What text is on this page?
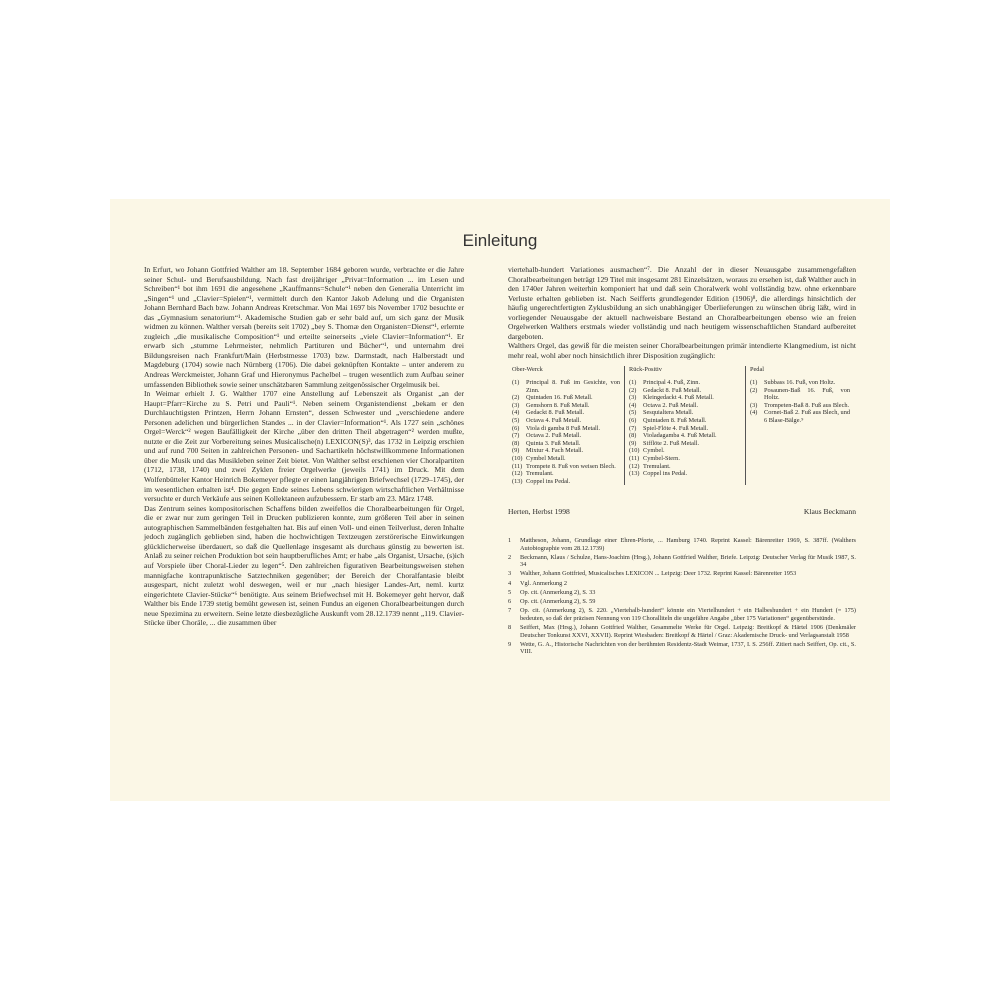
Einleitung

In Erfurt, wo Johann Gottfried Walther am 18. September 1684 geboren wurde, verbrachte er die Jahre seiner Schul- und Berufsausbildung. Nach fast dreijähriger „Privat=Information ... im Lesen und Schreiben“¹ bot ihm 1691 die angesehene „Kauffmanns=Schule“¹ neben den Generalia Unterricht im „Singen“¹ und „Clavier=Spielen“¹, vermittelt durch den Kantor Jakob Adelung und die Organisten Johann Bernhard Bach bzw. Johann Andreas Kretschmar. Von Mai 1697 bis November 1702 besuchte er das „Gymnasium senatorium“¹. Akademische Studien gab er sehr bald auf, um sich ganz der Musik widmen zu können. Walther versah (bereits seit 1702) „bey S. Thomæ den Organisten=Dienst“¹, erlernte zugleich „die musikalische Composition“¹ und erteilte seinerseits „viele Clavier=Information“¹. Er erwarb sich „stumme Lehrmeister, nehmlich Partituren und Bücher“¹, und unternahm drei Bildungsreisen nach Frankfurt/Main (Herbstmesse 1703) bzw. Darmstadt, nach Halberstadt und Magdeburg (1704) sowie nach Nürnberg (1706). Die dabei geknüpften Kontakte – unter anderem zu Andreas Werckmeister, Johann Graf und Hieronymus Pachelbel – trugen wesentlich zum Aufbau seiner umfassenden Bibliothek sowie seiner unschätzbaren Sammlung zeitgenössischer Orgelmusik bei.

In Weimar erhielt J. G. Walther 1707 eine Anstellung auf Lebenszeit als Organist „an der Haupt=Pfarr=Kirche zu S. Petri und Pauli“¹. Neben seinem Organistendienst „bekam er den Durchlauchtigsten Printzen, Herrn Johann Ernsten“, dessen Schwester und „verschiedene andere Personen adelichen und bürgerlichen Standes ... in der Clavier=Information“¹. Als 1727 sein „schönes Orgel=Werck“² wegen Baufälligkeit der Kirche „über den dritten Theil abgetragen“² werden mußte, nutzte er die Zeit zur Vorbereitung seines Musicalische(n) LEXICON(S)³, das 1732 in Leipzig erschien und auf rund 700 Seiten in zahlreichen Personen- und Sachartikeln höchstwillkommene Informationen über die Musik und das Musikleben seiner Zeit bietet. Von Walther selbst erschienen vier Choralpartiten (1712, 1738, 1740) und zwei Zyklen freier Orgelwerke (jeweils 1741) im Druck. Mit dem Wolfenbütteler Kantor Heinrich Bokemeyer pflegte er einen langjährigen Briefwechsel (1729–1745), der im wesentlichen erhalten ist⁴. Die gegen Ende seines Lebens schwierigen wirtschaftlichen Verhältnisse versuchte er durch Verkäufe aus seinen Kollektaneen aufzubessern. Er starb am 23. März 1748.

Das Zentrum seines kompositorischen Schaffens bilden zweifellos die Choralbearbeitungen für Orgel, die er zwar nur zum geringen Teil in Drucken publizieren konnte, zum größeren Teil aber in seinen autographischen Sammelbänden festgehalten hat. Bis auf einen Voll- und einen Teilverlust, deren Inhalte jedoch zugänglich geblieben sind, haben die hochwichtigen Textzeugen zerstörerische Einwirkungen glücklicherweise überdauert, so daß die Quellenlage insgesamt als durchaus günstig zu bewerten ist. Anlaß zu seiner reichen Produktion bot sein hauptberufliches Amt; er habe „als Organist, Ursache, (s)ich auf Vorspiele über Choral-Lieder zu legen“⁵. Den zahlreichen figurativen Bearbeitungsweisen stehen mannigfache kontrapunktische Satztechniken gegenüber; der Bereich der Choralfantasie bleibt ausgespart, nicht zuletzt wohl deswegen, weil er nur „nach hiesiger Landes-Art, neml. kurtz eingerichtete Clavier-Stücke“⁶ benötigte. Aus seinem Briefwechsel mit H. Bokemeyer geht hervor, daß Walther bis Ende 1739 stetig bemüht gewesen ist, seinen Fundus an eigenen Choralbearbeitungen durch neue Spezimina zu erweitern. Seine letzte diesbezügliche Auskunft vom 28.12.1739 nennt „119. Clavier-Stücke über Choräle, ... die zusammen über

viertehalb-hundert Variationes ausmachen“⁷. Die Anzahl der in dieser Neuausgabe zusammengefaßten Choralbearbeitungen beträgt 129 Titel mit insgesamt 281 Einzelsätzen, woraus zu ersehen ist, daß Walther auch in den 1740er Jahren weiterhin komponiert hat und daß sein Choralwerk wohl vollständig bzw. ohne erkennbare Verluste erhalten geblieben ist. Nach Seifferts grundlegender Edition (1906)⁸, die allerdings hinsichtlich der häufig ungerechtfertigten Zyklusbildung an sich unabhängiger Überlieferungen zu wünschen übrig läßt, wird in vorliegender Neuausgabe der aktuell nachweisbare Bestand an Choralbearbeitungen ebenso wie an freien Orgelwerken Walthers erstmals wieder vollständig und nach heutigem wissenschaftlichen Standard aufbereitet dargeboten.

Walthers Orgel, das gewiß für die meisten seiner Choralbearbeitungen primär intendierte Klangmedium, ist nicht mehr real, wohl aber noch hinsichtlich ihrer Disposition zugänglich:

Ober-Werck
(1)	Principal 8. Fuß im Gesichte, von Zinn.
(2)	Quintaden 16. Fuß Metall.
(3)	Gemshorn 8. Fuß Metall.
(4)	Gedackt 8. Fuß Metall.
(5)	Octava 4. Fuß Metall.
(6)	Viola di gamba 8 Fuß Metall.
(7)	Octava 2. Fuß Metall.
(8)	Quinta 3. Fuß Metall.
(9)	Mixtur 4. Fach Metall.
(10) Cymbel Metall.
(11) Trompete 8. Fuß von weisen Blech.
(12) Tremulant.
(13) Coppel ins Pedal.
Rück-Positiv
(1)	Principal 4. Fuß, Zinn.
(2)	Gedackt 8. Fuß Metall.
(3)	Kleingedackt 4. Fuß Metall.
(4)	Octava 2. Fuß Metall.
(5)	Sesquialtera Metall.
(6)	Quintaden 8. Fuß Metall.
(7)	Spiel-Flöte 4. Fuß Metall.
(8)	Violadagamba 4. Fuß Metall.
(9)	Sifflöte 2. Fuß Metall.
(10) Cymbel.
(11) Cymbel-Stern.
(12) Tremulant.
(13) Coppel ins Pedal.
Pedal
(1)	Subbass 16. Fuß, von Holtz.
(2)	Posaunen-Baß 16. Fuß, von Holtz.
(3)	Trompeten-Baß 8. Fuß aus Blech.
(4)	Cornet-Baß 2. Fuß aus Blech, und 6 Blase-Bälge.⁹
Herten, Herbst 1998	Klaus Beckmann
1	Mattheson, Johann, Grundlage einer Ehren-Pforte, ... Hamburg 1740. Reprint Kassel: Bärenreiter 1969, S. 387ff. (Walthers Autobiographie vom 28.12.1739)
2	Beckmann, Klaus / Schulze, Hans-Joachim (Hrsg.), Johann Gottfried Walther, Briefe. Leipzig: Deutscher Verlag für Musik 1987, S. 34
3	Walther, Johann Gottfried, Musicalisches LEXICON ... Leipzig: Deer 1732. Reprint Kassel: Bärenreiter 1953
4	Vgl. Anmerkung 2
5	Op. cit. (Anmerkung 2), S. 33
6	Op. cit. (Anmerkung 2), S. 59
7	Op. cit. (Anmerkung 2), S. 220. „Viertehalb-hundert“ könnte ein Viertelhundert + ein Halbeshundert + ein Hundert (= 175) bedeuten, so daß der präzisen Nennung von 119 Choralliteln die ungefähre Angabe „über 175 Variationen“ gegenüberstünde.
8	Seiffert, Max (Hrsg.), Johann Gottfried Walther, Gesammelte Werke für Orgel. Leipzig: Breitkopf & Härtel 1906 (Denkmäler Deutscher Tonkunst XXVI, XXVII). Reprint Wiesbaden: Breitkopf & Härtel / Graz: Akademische Druck- und Verlagsanstalt 1958
9	Wette, G. A., Historische Nachrichten von der berühmten Residentz-Stadt Weimar, 1737, I. S. 256ff. Zitiert nach Seiffert, Op. cit., S. VIII.
